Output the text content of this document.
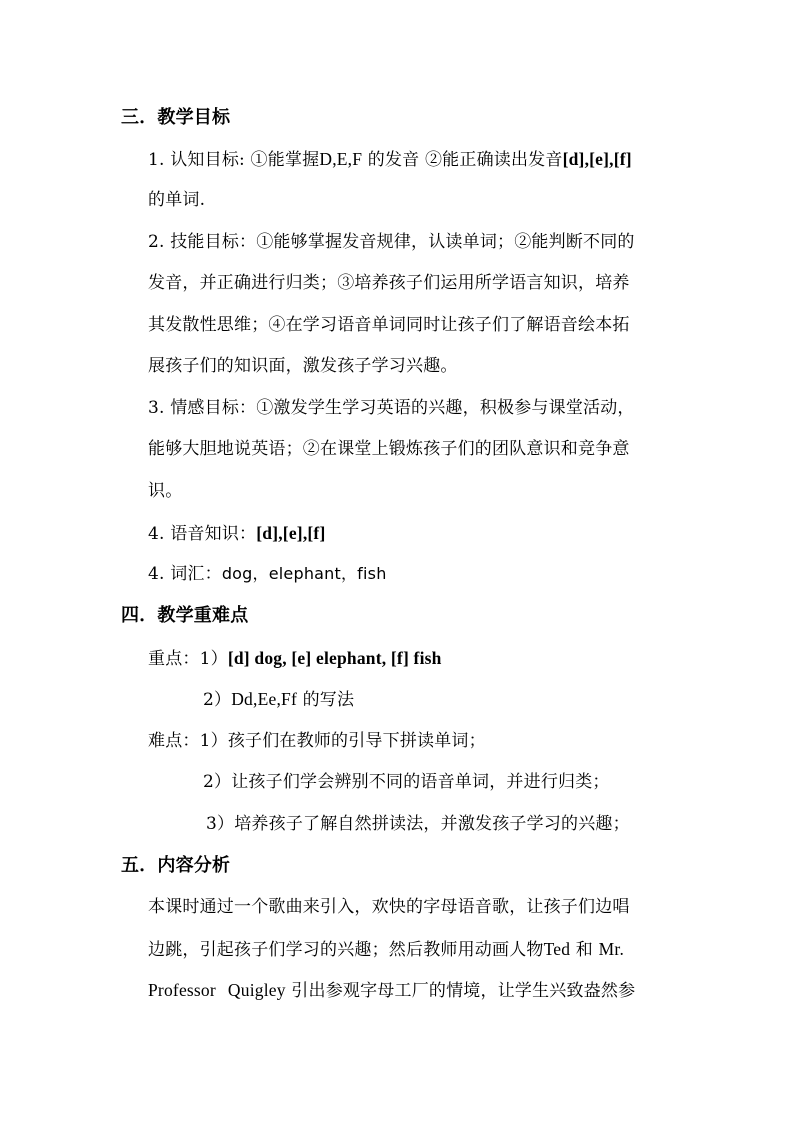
三．教学目标
1. 认知目标: ①能掌握D,E,F 的发音 ②能正确读出发音[d],[e],[f]
的单词.
2. 技能目标：①能够掌握发音规律，认读单词；②能判断不同的
发音，并正确进行归类；③培养孩子们运用所学语言知识，培养
其发散性思维；④在学习语音单词同时让孩子们了解语音绘本拓
展孩子们的知识面，激发孩子学习兴趣。
3. 情感目标：①激发学生学习英语的兴趣，积极参与课堂活动，
能够大胆地说英语；②在课堂上锻炼孩子们的团队意识和竞争意
识。
4. 语音知识：[d],[e],[f]
4. 词汇：dog，elephant，fish
四．教学重难点
重点：1）[d] dog, [e] elephant, [f] fish
2）Dd,Ee,Ff 的写法
难点：1）孩子们在教师的引导下拼读单词；
2）让孩子们学会辨别不同的语音单词，并进行归类；
3）培养孩子了解自然拼读法，并激发孩子学习的兴趣；
五．内容分析
本课时通过一个歌曲来引入，欢快的字母语音歌，让孩子们边唱
边跳，引起孩子们学习的兴趣；然后教师用动画人物Ted 和 Mr.
Professor Quigley 引出参观字母工厂的情境，让学生兴致盎然参
